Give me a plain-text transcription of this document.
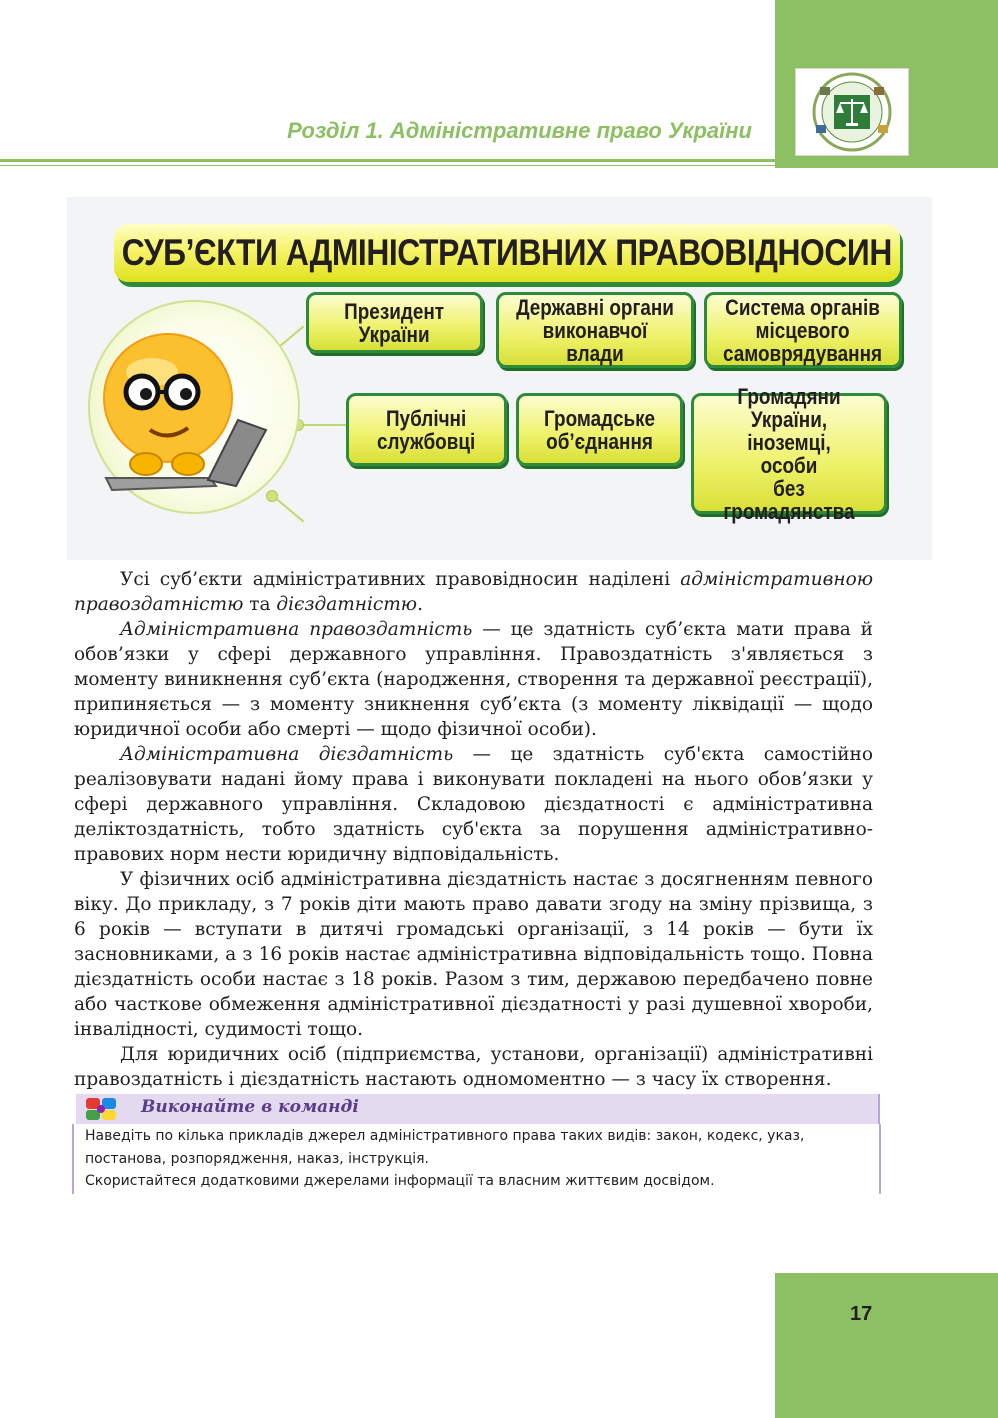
Розділ 1. Адміністративне право України
СУБ’ЄКТИ АДМІНІСТРАТИВНИХ ПРАВОВІДНОСИН
Президент
України
Державні органи
виконавчої влади
Система органів
місцевого
самоврядування
Публічні
службовці
Громадське
об’єднання
Громадяни України,
іноземці,
особи
без громадянства

Усі суб’єкти адміністративних правовідносин наділені адміністративною правоздатністю та дієздатністю.

Адміністративна правоздатність — це здатність суб’єкта мати права й обов’язки у сфері державного управління. Правоздатність з'являється з моменту виникнення суб’єкта (народження, створення та державної реєстрації), припиняється — з моменту зникнення суб’єкта (з моменту ліквідації — щодо юридичної особи або смерті — щодо фізичної особи).

Адміністративна дієздатність — це здатність суб'єкта самостійно реалізовувати надані йому права і виконувати покладені на нього обов’язки у сфері державного управління. Складовою дієздатності є адміністративна деліктоздатність, тобто здатність суб'єкта за порушення адміністративно-правових норм нести юридичну відповідальність.

У фізичних осіб адміністративна дієздатність настає з досягненням певного віку. До прикладу, з 7 років діти мають право давати згоду на зміну прізвища, з 6 років — вступати в дитячі громадські організації, з 14 років — бути їх засновниками, а з 16 років настає адміністративна відповідальність тощо. Повна дієздатність особи настає з 18 років. Разом з тим, державою передбачено повне або часткове обмеження адміністративної дієздатності у разі душевної хвороби, інвалідності, судимості тощо.

Для юридичних осіб (підприємства, установи, організації) адміністративні правоздатність і дієздатність настають одномоментно — з часу їх створення.

Виконайте в команді
Наведіть по кілька прикладів джерел адміністративного права таких видів: закон, кодекс, указ,
постанова, розпорядження, наказ, інструкція.
Скористайтеся додатковими джерелами інформації та власним життєвим досвідом.
17
